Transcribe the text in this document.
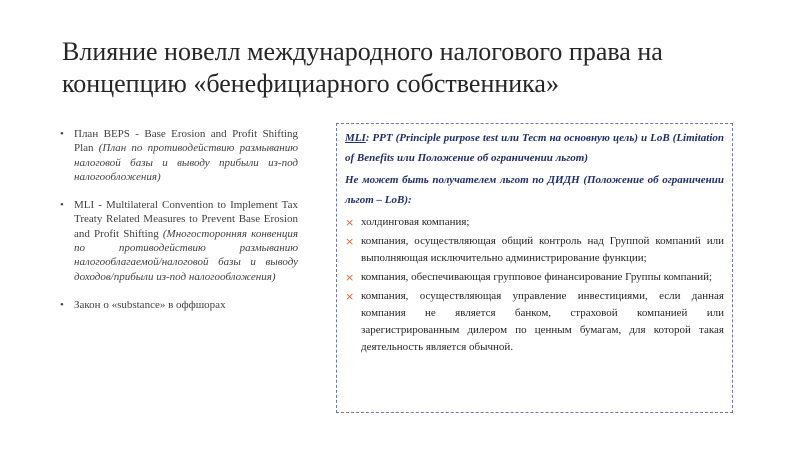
Влияние новелл международного налогового права на концепцию «бенефициарного собственника»
• План BEPS - Base Erosion and Profit Shifting Plan (План по противодействию размыванию налоговой базы и выводу прибыли из-под налогообложения)
• MLI - Multilateral Convention to Implement Tax Treaty Related Measures to Prevent Base Erosion and Profit Shifting (Многосторонняя конвенция по противодействию размыванию налогооблагаемой/налоговой базы и выводу доходов/прибыли из-под налогообложения)
• Закон о «substance» в оффшорах

MLI: PPT (Principle purpose test или Тест на основную цель) и LoB (Limitation of Benefits или Положение об ограничении льгот)

Не может быть получателем льгот по ДИДН (Положение об ограничении льгот – LoB):

× холдинговая компания;
× компания, осуществляющая общий контроль над Группой компаний или выполняющая исключительно администрирование функции;
× компания, обеспечивающая групповое финансирование Группы компаний;
× компания, осуществляющая управление инвестициями, если данная компания не является банком, страховой компанией или зарегистрированным дилером по ценным бумагам, для которой такая деятельность является обычной.
